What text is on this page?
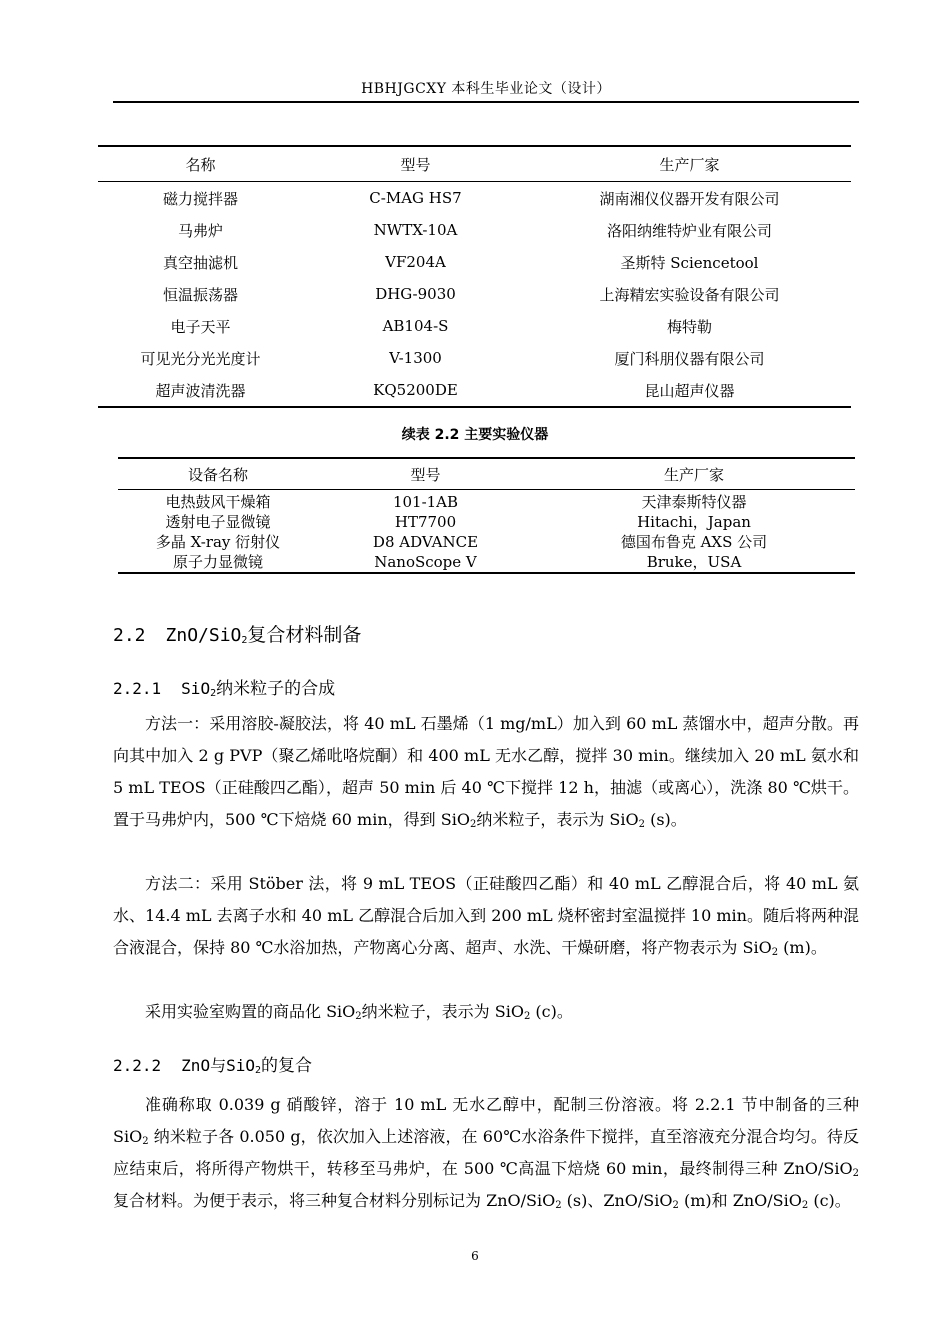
HBHJGCXY 本科生毕业论文（设计）
名称	型号	生产厂家
磁力搅拌器	C-MAG HS7	湖南湘仪仪器开发有限公司
马弗炉	NWTX-10A	洛阳纳维特炉业有限公司
真空抽滤机	VF204A	圣斯特 Sciencetool
恒温振荡器	DHG-9030	上海精宏实验设备有限公司
电子天平	AB104-S	梅特勒
可见光分光光度计	V-1300	厦门科朋仪器有限公司
超声波清洗器	KQ5200DE	昆山超声仪器
续表 2.2 主要实验仪器
设备名称	型号	生产厂家
电热鼓风干燥箱	101-1AB	天津泰斯特仪器
透射电子显微镜	HT7700	Hitachi，Japan
多晶 X-ray 衍射仪	D8 ADVANCE	德国布鲁克 AXS 公司
原子力显微镜	NanoScope V	Bruke，USA
2.2 ZnO/SiO$_2$复合材料制备
2.2.1 SiO$_2$纳米粒子的合成

方法一：采用溶胶-凝胶法，将 40 mL 石墨烯（1 mg/mL）加入到 60 mL 蒸馏水中，超声分散。再向其中加入 2 g PVP（聚乙烯吡咯烷酮）和 400 mL 无水乙醇，搅拌 30 min。继续加入 20 mL 氨水和 5 mL TEOS（正硅酸四乙酯），超声 50 min 后 40 ℃下搅拌 12 h，抽滤（或离心），洗涤 80 ℃烘干。置于马弗炉内，500 ℃下焙烧 60 min，得到 SiO$_2$纳米粒子，表示为 SiO$_2$ (s)。

方法二：采用 Stöber 法，将 9 mL TEOS（正硅酸四乙酯）和 40 mL 乙醇混合后，将 40 mL 氨水、14.4 mL 去离子水和 40 mL 乙醇混合后加入到 200 mL 烧杯密封室温搅拌 10 min。随后将两种混合液混合，保持 80 ℃水浴加热，产物离心分离、超声、水洗、干燥研磨，将产物表示为 SiO$_2$ (m)。

采用实验室购置的商品化 SiO$_2$纳米粒子，表示为 SiO$_2$ (c)。

2.2.2 ZnO与SiO$_2$的复合

准确称取 0.039 g 硝酸锌，溶于 10 mL 无水乙醇中，配制三份溶液。将 2.2.1 节中制备的三种 SiO$_2$ 纳米粒子各 0.050 g，依次加入上述溶液，在 60℃水浴条件下搅拌，直至溶液充分混合均匀。待反应结束后，将所得产物烘干，转移至马弗炉，在 500 ℃高温下焙烧 60 min，最终制得三种 ZnO/SiO$_2$ 复合材料。为便于表示，将三种复合材料分别标记为 ZnO/SiO$_2$ (s)、ZnO/SiO$_2$ (m)和 ZnO/SiO$_2$ (c)。

6
